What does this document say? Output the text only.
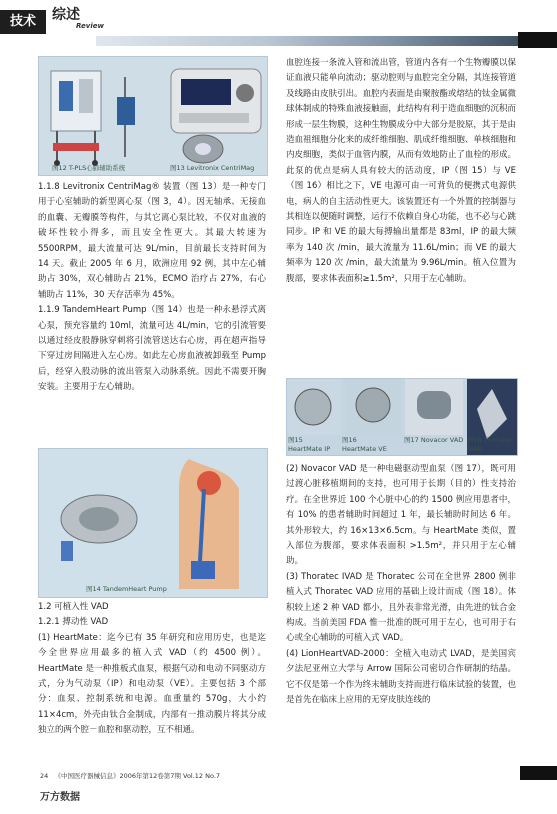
技术	综述
Review
图12 T-PLS心肺辅助系统	图13 Levitronix CentriMag

1.1.8 Levitronix CentriMag® 装置（图 13）是一种专门用于心室辅助的新型离心泵（图 3，4）。因无轴承、无接血的血囊、无瓣膜等构件，与其它离心泵比较，不仅对血液的破坏性较小得多，而且安全性更大。其最大转速为5500RPM，最大流量可达 9L/min，目前最长支持时间为 14 天。截止 2005 年 6 月，欧洲应用 92 例，其中左心辅助占 30%，双心辅助占 21%，ECMO 治疗占 27%，右心辅助占 11%，30 天存活率为 45%。

1.1.9 TandemHeart Pump（图 14）也是一种永悬浮式离心泵，预充容量约 10ml，流量可达 4L/min，它的引流管要以通过经皮股静脉穿刺将引流管送达右心房，再在超声指导下穿过房间隔进入左心房。如此左心房血液被卸载至 Pump 后，经穿入股动脉的流出管泵入动脉系统。因此不需要开胸安装。主要用于左心辅助。

图14 TandemHeart Pump

1.2 可植入性 VAD

1.2.1 搏动性 VAD

(1) HeartMate：迄今已有 35 年研究和应用历史，也是迄今全世界应用最多的植入式 VAD（约 4500 例）。HeartMate 是一种推板式血泵，根据气动和电动不同驱动方式，分为气动泵（IP）和电动泵（VE）。主要包括 3 个部分：血泵、控制系统和电源。血重量约 570g，大小约 11×4cm，外壳由钛合金制成，内部有一推动膜片将其分成独立的两个腔－血腔和驱动腔，互不相通。

血腔连接一条流入管和流出管，管道内各有一个生物瓣膜以保证血液只能单向流动；驱动腔则与血腔完全分隔，其连接管道及线路由皮肤引出。血腔内表面是由聚胺酯或熔结的钛金属微球体制成的特殊血液接触面，此结构有利于造血细胞的沉积而形成一层生物膜，这种生物膜成分中大部分是胶原，其于是由造血祖细胞分化来的成纤维细胞、肌成纤维细胞、单核细胞和内皮细胞，类似于血管内膜，从而有效地防止了血栓的形成。此泵的优点是病人具有较大的活动度，IP（图 15）与 VE（图 16）相比之下，VE 电源可由一可背负的便携式电源供电，病人的自主活动性更大。该装置还有一个外置的控制器与其相连以便随时调整，运行不依赖自身心功能，也不必与心跳同步。IP 和 VE 的最大每搏输出量都是 83ml，IP 的最大频率为 140 次 /min，最大流量为 11.6L/min；而 VE 的最大频率为 120 次 /min，最大流量为 9.96L/min。植入位置为腹部，要求体表面积≥1.5m²，只用于左心辅助。

图15 HeartMate IP
图16 HeartMate VE
图17 Novacor VAD 图18 Thoratec IVAD

(2) Novacor VAD 是一种电磁驱动型血泵（图 17），既可用过渡心脏移植期间的支持，也可用于长期（目的）性支持治疗。在全世界近 100 个心脏中心的约 1500 例应用患者中，有 10% 的患者辅助时间超过 1 年，最长辅助时间达 6 年。其外形较大，约 16×13×6.5cm。与 HeartMate 类似，置入部位为腹部，要求体表面积 >1.5m²，并只用于左心辅助。

(3) Thoratec IVAD 是 Thoratec 公司在全世界 2800 例非植入式 Thoratec VAD 应用的基础上设计而成（图 18）。体积较上述 2 种 VAD 都小，且外表非常光滑，由先进的钛合金构成。当前美国 FDA 惟一批准的既可用于左心，也可用于右心或全心辅助的可植入式 VAD。

(4) LionHeartVAD-2000：全植入电动式 LVAD，是美国宾夕法尼亚州立大学与 Arrow 国际公司密切合作研制的结晶。它不仅是第一个作为终末辅助支持而进行临床试验的装置，也是首先在临床上应用的无穿皮肤连线的

24 《中国医疗器械信息》2006年第12卷第7期 Vol.12 No.7
万方数据
